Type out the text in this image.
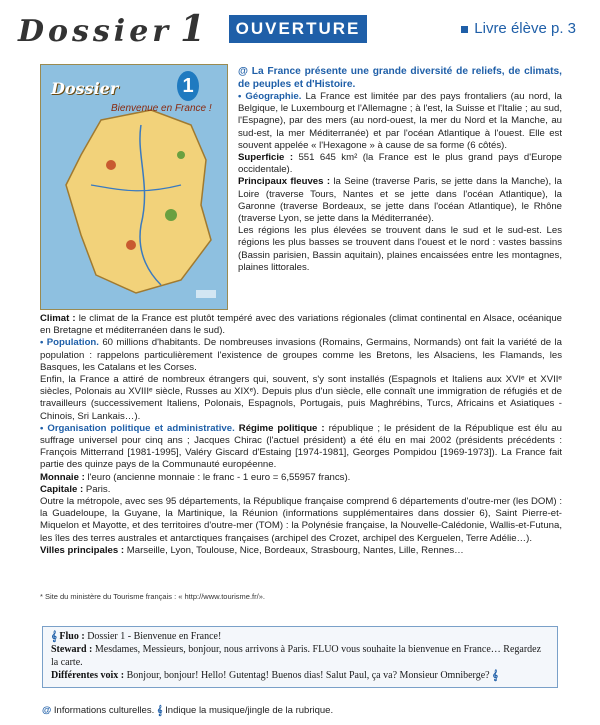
Dossier 1	OUVERTURE	Livre élève p. 3
Dossier	1
Bienvenue en France !

@ La France présente une grande diversité de reliefs, de climats, de peuples et d'Histoire.

• Géographie. La France est limitée par des pays frontaliers (au nord, la Belgique, le Luxembourg et l'Allemagne ; à l'est, la Suisse et l'Italie ; au sud, l'Espagne), par des mers (au nord-ouest, la mer du Nord et la Manche, au sud-est, la mer Méditerranée) et par l'océan Atlantique à l'ouest. Elle est souvent appelée « l'Hexagone » à cause de sa forme (6 côtés).

Superficie : 551 645 km² (la France est le plus grand pays d'Europe occidentale).

Principaux fleuves : la Seine (traverse Paris, se jette dans la Manche), la Loire (traverse Tours, Nantes et se jette dans l'océan Atlantique), la Garonne (traverse Bordeaux, se jette dans l'océan Atlantique), le Rhône (traverse Lyon, se jette dans la Méditerranée).

Les régions les plus élevées se trouvent dans le sud et le sud-est. Les régions les plus basses se trouvent dans l'ouest et le nord : vastes bassins (Bassin parisien, Bassin aquitain), plaines encaissées entre les montagnes, plaines littorales.

Climat : le climat de la France est plutôt tempéré avec des variations régionales (climat continental en Alsace, océanique en Bretagne et méditerranéen dans le sud).

• Population. 60 millions d'habitants. De nombreuses invasions (Romains, Germains, Normands) ont fait la variété de la population : rappelons particulièrement l'existence de groupes comme les Bretons, les Alsaciens, les Flamands, les Basques, les Catalans et les Corses.

Enfin, la France a attiré de nombreux étrangers qui, souvent, s'y sont installés (Espagnols et Italiens aux XVIᵉ et XVIIᵉ siècles, Polonais au XVIIIᵉ siècle, Russes au XIXᵉ). Depuis plus d'un siècle, elle connaît une immigration de réfugiés et de travailleurs (successivement Italiens, Polonais, Espagnols, Portugais, puis Maghrébins, Turcs, Africains et Asiatiques - Chinois, Sri Lankais…).

• Organisation politique et administrative. Régime politique : république ; le président de la République est élu au suffrage universel pour cinq ans ; Jacques Chirac (l'actuel président) a été élu en mai 2002 (présidents précédents : François Mitterrand [1981-1995], Valéry Giscard d'Estaing [1974-1981], Georges Pompidou [1969-1973]). La France fait partie des quinze pays de la Communauté européenne.

Monnaie : l'euro (ancienne monnaie : le franc - 1 euro = 6,55957 francs).

Capitale : Paris.

Outre la métropole, avec ses 95 départements, la République française comprend 6 départements d'outre-mer (les DOM) : la Guadeloupe, la Guyane, la Martinique, la Réunion (informations supplémentaires dans dossier 6), Saint Pierre-et-Miquelon et Mayotte, et des territoires d'outre-mer (TOM) : la Polynésie française, la Nouvelle-Calédonie, Wallis-et-Futuna, les îles des terres australes et antarctiques françaises (archipel des Crozet, archipel des Kerguelen, Terre Adélie…).

Villes principales : Marseille, Lyon, Toulouse, Nice, Bordeaux, Strasbourg, Nantes, Lille, Rennes…

* Site du ministère du Tourisme français : « http://www.tourisme.fr/».
𝄞 Fluo : Dossier 1 - Bienvenue en France!
Steward : Mesdames, Messieurs, bonjour, nous arrivons à Paris. FLUO vous souhaite la bienvenue en France… Regardez la carte.
Différentes voix : Bonjour, bonjour! Hello! Gutentag! Buenos dias! Salut Paul, ça va? Monsieur Omniberge? 𝄞
@ Informations culturelles. 𝄞 Indique la musique/jingle de la rubrique.
